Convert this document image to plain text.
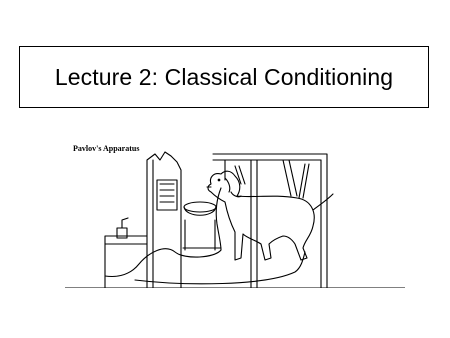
Lecture 2: Classical Conditioning
Pavlov's Apparatus
